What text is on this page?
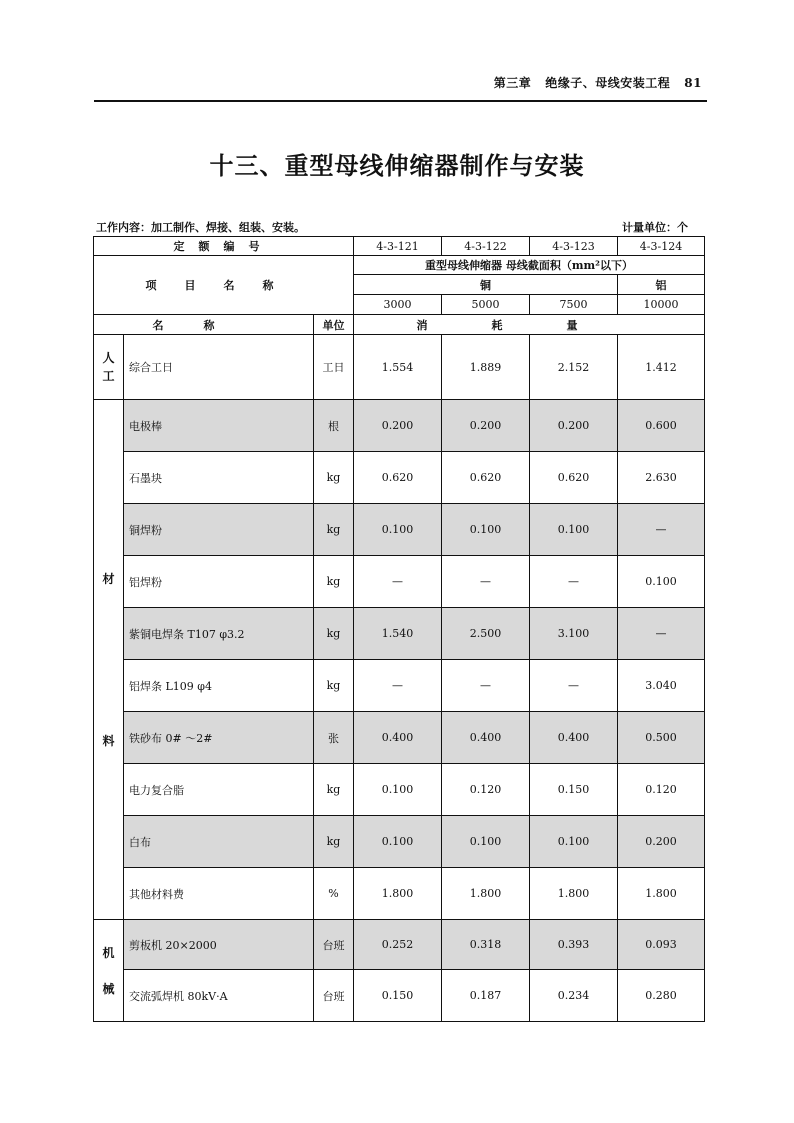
第三章 绝缘子、母线安装工程 81
十三、重型母线伸缩器制作与安装
工作内容：加工制作、焊接、组装、安装。	计量单位：个
定额编号			4-3-121	4-3-122	4-3-123	4-3-124
项目名称			重型母线伸缩器 母线截面积（mm²以下）			
			铜			铝
			3000	5000	7500	10000
名称		单位	消耗量			
人
工	综合工日	工日	1.554	1.889	2.152	1.412
材

料	电极棒	根	0.200	0.200	0.200	0.600
	石墨块	kg	0.620	0.620	0.620	2.630
	铜焊粉	kg	0.100	0.100	0.100	—
	铝焊粉	kg	—	—	—	0.100
	紫铜电焊条 T107 φ3.2	kg	1.540	2.500	3.100	—
	铝焊条 L109 φ4	kg	—	—	—	3.040
	铁砂布 0# ～2#	张	0.400	0.400	0.400	0.500
	电力复合脂	kg	0.100	0.120	0.150	0.120
	白布	kg	0.100	0.100	0.100	0.200
	其他材料费	%	1.800	1.800	1.800	1.800
机

械	剪板机 20×2000	台班	0.252	0.318	0.393	0.093
	交流弧焊机 80kV·A	台班	0.150	0.187	0.234	0.280
